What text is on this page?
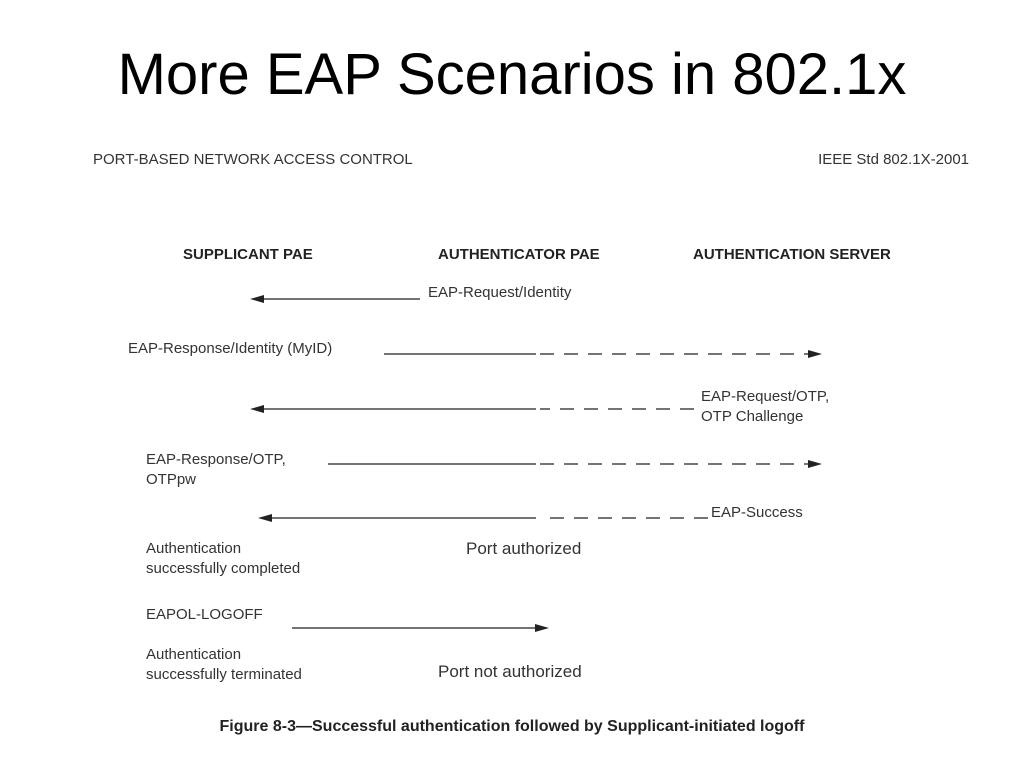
More EAP Scenarios in 802.1x
PORT-BASED NETWORK ACCESS CONTROL	IEEE Std 802.1X-2001
SUPPLICANT PAE	AUTHENTICATOR PAE	AUTHENTICATION SERVER
EAP-Request/Identity
EAP-Response/Identity (MyID)
EAP-Request/OTP,
OTP Challenge
EAP-Response/OTP,
OTPpw
EAP-Success
Authentication
successfully completed
Port authorized
EAPOL-LOGOFF
Authentication
successfully terminated	Port not authorized
Figure 8-3—Successful authentication followed by Supplicant-initiated logoff
